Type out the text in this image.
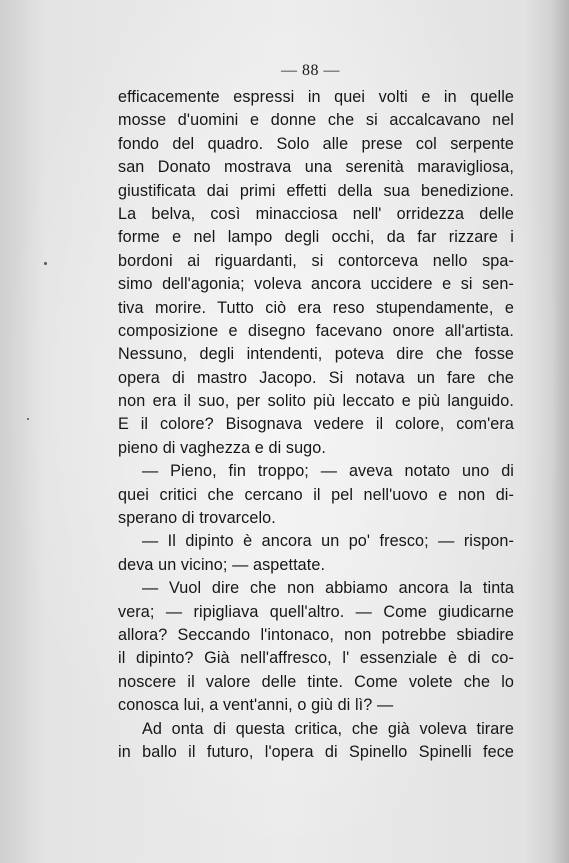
— 88 —
efficacemente espressi in quei volti e in quelle
mosse d'uomini e donne che si accalcavano nel
fondo del quadro. Solo alle prese col serpente
san Donato mostrava una serenità maravigliosa,
giustificata dai primi effetti della sua benedizione.
La belva, così minacciosa nell' orridezza delle
forme e nel lampo degli occhi, da far rizzare i
bordoni ai riguardanti, si contorceva nello spa-
simo dell'agonia; voleva ancora uccidere e si sen-
tiva morire. Tutto ciò era reso stupendamente, e
composizione e disegno facevano onore all'artista.
Nessuno, degli intendenti, poteva dire che fosse
opera di mastro Jacopo. Si notava un fare che
non era il suo, per solito più leccato e più languido.
E il colore? Bisognava vedere il colore, com'era
pieno di vaghezza e di sugo.
— Pieno, fin troppo; — aveva notato uno di
quei critici che cercano il pel nell'uovo e non di-
sperano di trovarcelo.
— Il dipinto è ancora un po' fresco; — rispon-
deva un vicino; — aspettate.
— Vuol dire che non abbiamo ancora la tinta
vera; — ripigliava quell'altro. — Come giudicarne
allora? Seccando l'intonaco, non potrebbe sbiadire
il dipinto? Già nell'affresco, l' essenziale è di co-
noscere il valore delle tinte. Come volete che lo
conosca lui, a vent'anni, o giù di lì? —
Ad onta di questa critica, che già voleva tirare
in ballo il futuro, l'opera di Spinello Spinelli fece
